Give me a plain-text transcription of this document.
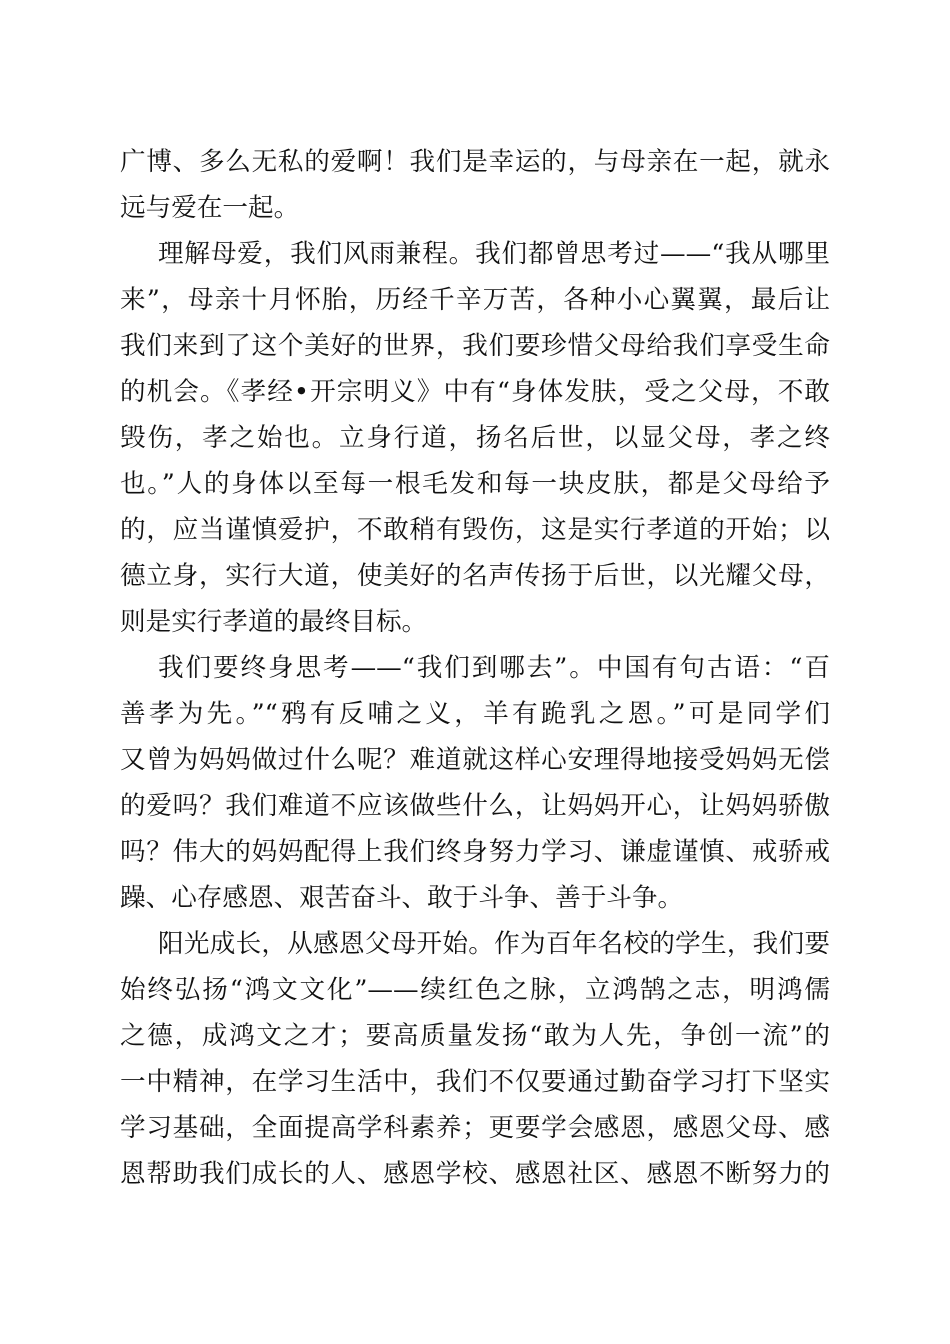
广博、多么无私的爱啊！我们是幸运的，与母亲在一起，就永
远与爱在一起。
理解母爱，我们风雨兼程。我们都曾思考过——“我从哪里
来”，母亲十月怀胎，历经千辛万苦，各种小心翼翼，最后让
我们来到了这个美好的世界，我们要珍惜父母给我们享受生命
的机会。《孝经•开宗明义》中有“身体发肤，受之父母，不敢
毁伤，孝之始也。立身行道，扬名后世，以显父母，孝之终
也。”人的身体以至每一根毛发和每一块皮肤，都是父母给予
的，应当谨慎爱护，不敢稍有毁伤，这是实行孝道的开始；以
德立身，实行大道，使美好的名声传扬于后世，以光耀父母，
则是实行孝道的最终目标。
我们要终身思考——“我们到哪去”。中国有句古语：“百
善孝为先。”“鸦有反哺之义，羊有跪乳之恩。”可是同学们
又曾为妈妈做过什么呢？难道就这样心安理得地接受妈妈无偿
的爱吗？我们难道不应该做些什么，让妈妈开心，让妈妈骄傲
吗？伟大的妈妈配得上我们终身努力学习、谦虚谨慎、戒骄戒
躁、心存感恩、艰苦奋斗、敢于斗争、善于斗争。
阳光成长，从感恩父母开始。作为百年名校的学生，我们要
始终弘扬“鸿文文化”——续红色之脉，立鸿鹄之志，明鸿儒
之德，成鸿文之才；要高质量发扬“敢为人先，争创一流”的
一中精神，在学习生活中，我们不仅要通过勤奋学习打下坚实
学习基础，全面提高学科素养；更要学会感恩，感恩父母、感
恩帮助我们成长的人、感恩学校、感恩社区、感恩不断努力的
